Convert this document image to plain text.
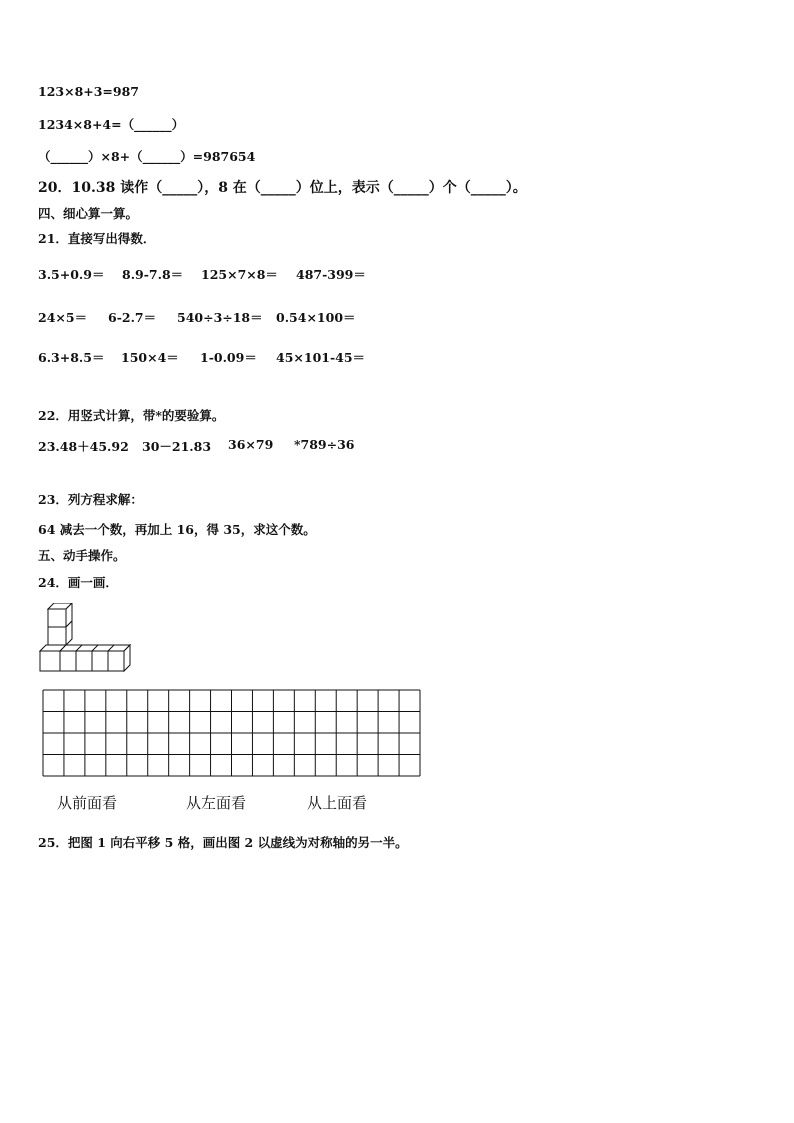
123×8+3=987
1234×8+4=（______）
（______）×8+（______）=987654
20．10.38 读作（_____），8 在（_____）位上，表示（_____）个（_____）。
四、细心算一算。
21．直接写出得数．
3.5+0.9＝ 8.9-7.8＝ 125×7×8＝ 487-399＝
24×5＝ 6-2.7＝ 540÷3÷18＝ 0.54×100＝
6.3+8.5＝ 150×4＝ 1-0.09＝ 45×101-45＝
22．用竖式计算，带*的要验算。
23.48＋45.92 30－21.83 36×79 *789÷36
23．列方程求解：
64 减去一个数，再加上 16，得 35，求这个数。
五、动手操作。
24．画一画．
从前面看	从左面看	从上面看
25．把图 1 向右平移 5 格，画出图 2 以虚线为对称轴的另一半。
